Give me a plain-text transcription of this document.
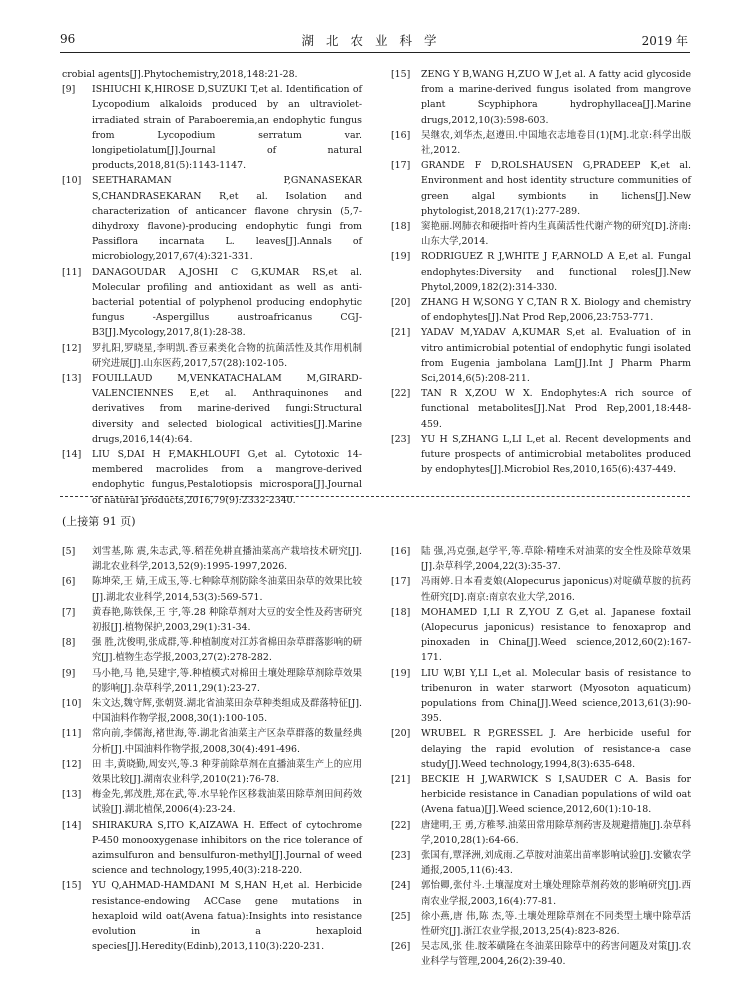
96	湖北农业科学	2019 年
crobial agents[J].Phytochemistry,2018,148:21-28.
[9] ISHIUCHI K,HIROSE D,SUZUKI T,et al. Identification of Lycopodium alkaloids produced by an ultraviolet-irradiated strain of Paraboeremia,an endophytic fungus from Lycopodium serratum var. longipetiolatum[J].Journal of natural products,2018,81(5):1143-1147.
[10] SEETHARAMAN P,GNANASEKAR S,CHANDRASEKARAN R,et al. Isolation and characterization of anticancer flavone chrysin (5,7-dihydroxy flavone)-producing endophytic fungi from Passiflora incarnata L. leaves[J].Annals of microbiology,2017,67(4):321-331.
[11] DANAGOUDAR A,JOSHI C G,KUMAR RS,et al. Molecular profiling and antioxidant as well as anti-bacterial potential of polyphenol producing endophytic fungus -Aspergillus austroafricanus CGJ-B3[J].Mycology,2017,8(1):28-38.
[12] 罗扎阳,罗晓星,李明凯.香豆素类化合物的抗菌活性及其作用机制研究进展[J].山东医药,2017,57(28):102-105.
[13] FOUILLAUD M,VENKATACHALAM M,GIRARD-VALENCIENNES E,et al. Anthraquinones and derivatives from marine-derived fungi:Structural diversity and selected biological activities[J].Marine drugs,2016,14(4):64.
[14] LIU S,DAI H F,MAKHLOUFI G,et al. Cytotoxic 14-membered macrolides from a mangrove-derived endophytic fungus,Pestalotiopsis microspora[J].Journal of natural products,2016,79(9):2332-2340.
[15] ZENG Y B,WANG H,ZUO W J,et al. A fatty acid glycoside from a marine-derived fungus isolated from mangrove plant Scyphiphora hydrophyllacea[J].Marine drugs,2012,10(3):598-603.
[16] 吴继农,刘华杰,赵遵田.中国地衣志地卷目(1)[M].北京:科学出版社,2012.
[17] GRANDE F D,ROLSHAUSEN G,PRADEEP K,et al. Environment and host identity structure communities of green algal symbionts in lichens[J].New phytologist,2018,217(1):277-289.
[18] 窦艳丽.网肺衣和硬指叶苔内生真菌活性代谢产物的研究[D].济南:山东大学,2014.
[19] RODRIGUEZ R J,WHITE J F,ARNOLD A E,et al. Fungal endophytes:Diversity and functional roles[J].New Phytol,2009,182(2):314-330.
[20] ZHANG H W,SONG Y C,TAN R X. Biology and chemistry of endophytes[J].Nat Prod Rep,2006,23:753-771.
[21] YADAV M,YADAV A,KUMAR S,et al. Evaluation of in vitro antimicrobial potential of endophytic fungi isolated from Eugenia jambolana Lam[J].Int J Pharm Pharm Sci,2014,6(5):208-211.
[22] TAN R X,ZOU W X. Endophytes:A rich source of functional metabolites[J].Nat Prod Rep,2001,18:448-459.
[23] YU H S,ZHANG L,LI L,et al. Recent developments and future prospects of antimicrobial metabolites produced by endophytes[J].Microbiol Res,2010,165(6):437-449.
(上接第 91 页)
[5] 刘雪基,陈 震,朱志武,等.稻茬免耕直播油菜高产栽培技术研究[J].湖北农业科学,2013,52(9):1995-1997,2026.
[6] 陈坤荣,王 婧,王成玉,等.七种除草剂防除冬油菜田杂草的效果比较[J].湖北农业科学,2014,53(3):569-571.
[7] 黄春艳,陈铁保,王 宇,等.28 种除草剂对大豆的安全性及药害研究初报[J].植物保护,2003,29(1):31-34.
[8] 强 胜,沈俊明,张成群,等.种植制度对江苏省棉田杂草群落影响的研究[J].植物生态学报,2003,27(2):278-282.
[9] 马小艳,马 艳,吴建宇,等.种植模式对棉田土壤处理除草剂除草效果的影响[J].杂草科学,2011,29(1):23-27.
[10] 朱文达,魏守辉,张朝贤.湖北省油菜田杂草种类组成及群落特征[J].中国油料作物学报,2008,30(1):100-105.
[11] 常向前,李儒海,褚世海,等.湖北省油菜主产区杂草群落的数量经典分析[J].中国油料作物学报,2008,30(4):491-496.
[12] 田 丰,黄晓勤,周安兴,等.3 种芽前除草剂在直播油菜生产上的应用效果比较[J].湖南农业科学,2010(21):76-78.
[13] 梅金先,郭茂胜,郑在武,等.水旱轮作区移栽油菜田除草剂田间药效试验[J].湖北植保,2006(4):23-24.
[14] SHIRAKURA S,ITO K,AIZAWA H. Effect of cytochrome P-450 monooxygenase inhibitors on the rice tolerance of azimsulfuron and bensulfuron-methyl[J].Journal of weed science and technology,1995,40(3):218-220.
[15] YU Q,AHMAD-HAMDANI M S,HAN H,et al. Herbicide resistance-endowing ACCase gene mutations in hexaploid wild oat(Avena fatua):Insights into resistance evolution in a hexaploid species[J].Heredity(Edinb),2013,110(3):220-231.
[16] 陆 强,冯克强,赵学平,等.草除·精喹禾对油菜的安全性及除草效果[J].杂草科学,2004,22(3):35-37.
[17] 冯雨婷.日本看麦娘(Alopecurus japonicus)对啶磺草胺的抗药性研究[D].南京:南京农业大学,2016.
[18] MOHAMED I,LI R Z,YOU Z G,et al. Japanese foxtail (Alopecurus japonicus) resistance to fenoxaprop and pinoxaden in China[J].Weed science,2012,60(2):167-171.
[19] LIU W,BI Y,LI L,et al. Molecular basis of resistance to tribenuron in water starwort (Myosoton aquaticum) populations from China[J].Weed science,2013,61(3):90-395.
[20] WRUBEL R P,GRESSEL J. Are herbicide useful for delaying the rapid evolution of resistance-a case study[J].Weed technology,1994,8(3):635-648.
[21] BECKIE H J,WARWICK S I,SAUDER C A. Basis for herbicide resistance in Canadian populations of wild oat (Avena fatua)[J].Weed science,2012,60(1):10-18.
[22] 唐建明,王 勇,方稚琴.油菜田常用除草剂药害及规避措施[J].杂草科学,2010,28(1):64-66.
[23] 张国有,覃泽洲,刘成雨.乙草胺对油菜出苗率影响试验[J].安徽农学通报,2005,11(6):43.
[24] 郭怡卿,张付斗.土壤湿度对土壤处理除草剂药效的影响研究[J].西南农业学报,2003,16(4):77-81.
[25] 徐小燕,唐 伟,陈 杰,等.土壤处理除草剂在不同类型土壤中除草活性研究[J].浙江农业学报,2013,25(4):823-826.
[26] 吴志凤,张 佳.胺苯磺隆在冬油菜田除草中的药害问题及对策[J].农业科学与管理,2004,26(2):39-40.
